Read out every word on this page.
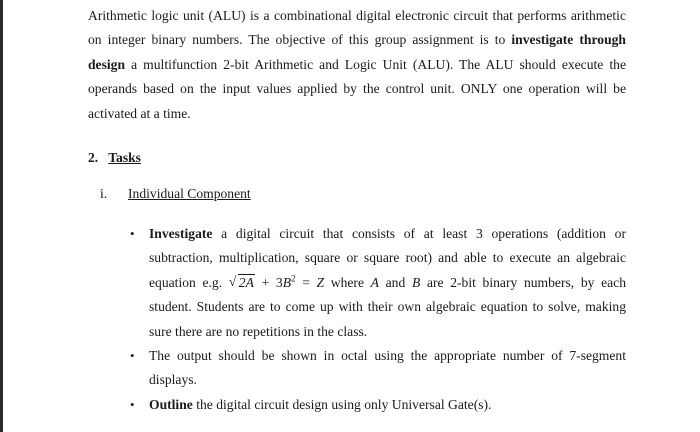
Arithmetic logic unit (ALU) is a combinational digital electronic circuit that performs arithmetic
on integer binary numbers. The objective of this group assignment is to investigate through
design a multifunction 2-bit Arithmetic and Logic Unit (ALU). The ALU should execute the
operands based on the input values applied by the control unit. ONLY one operation will be
activated at a time.
2. Tasks
i. Individual Component
• Investigate a digital circuit that consists of at least 3 operations (addition or
subtraction, multiplication, square or square root) and able to execute an algebraic
equation e.g. √ $2A + 3B^2 = Z$ where A and B are 2-bit binary numbers, by each
student. Students are to come up with their own algebraic equation to solve, making
sure there are no repetitions in the class.
• The output should be shown in octal using the appropriate number of 7-segment
displays.
• Outline the digital circuit design using only Universal Gate(s).
